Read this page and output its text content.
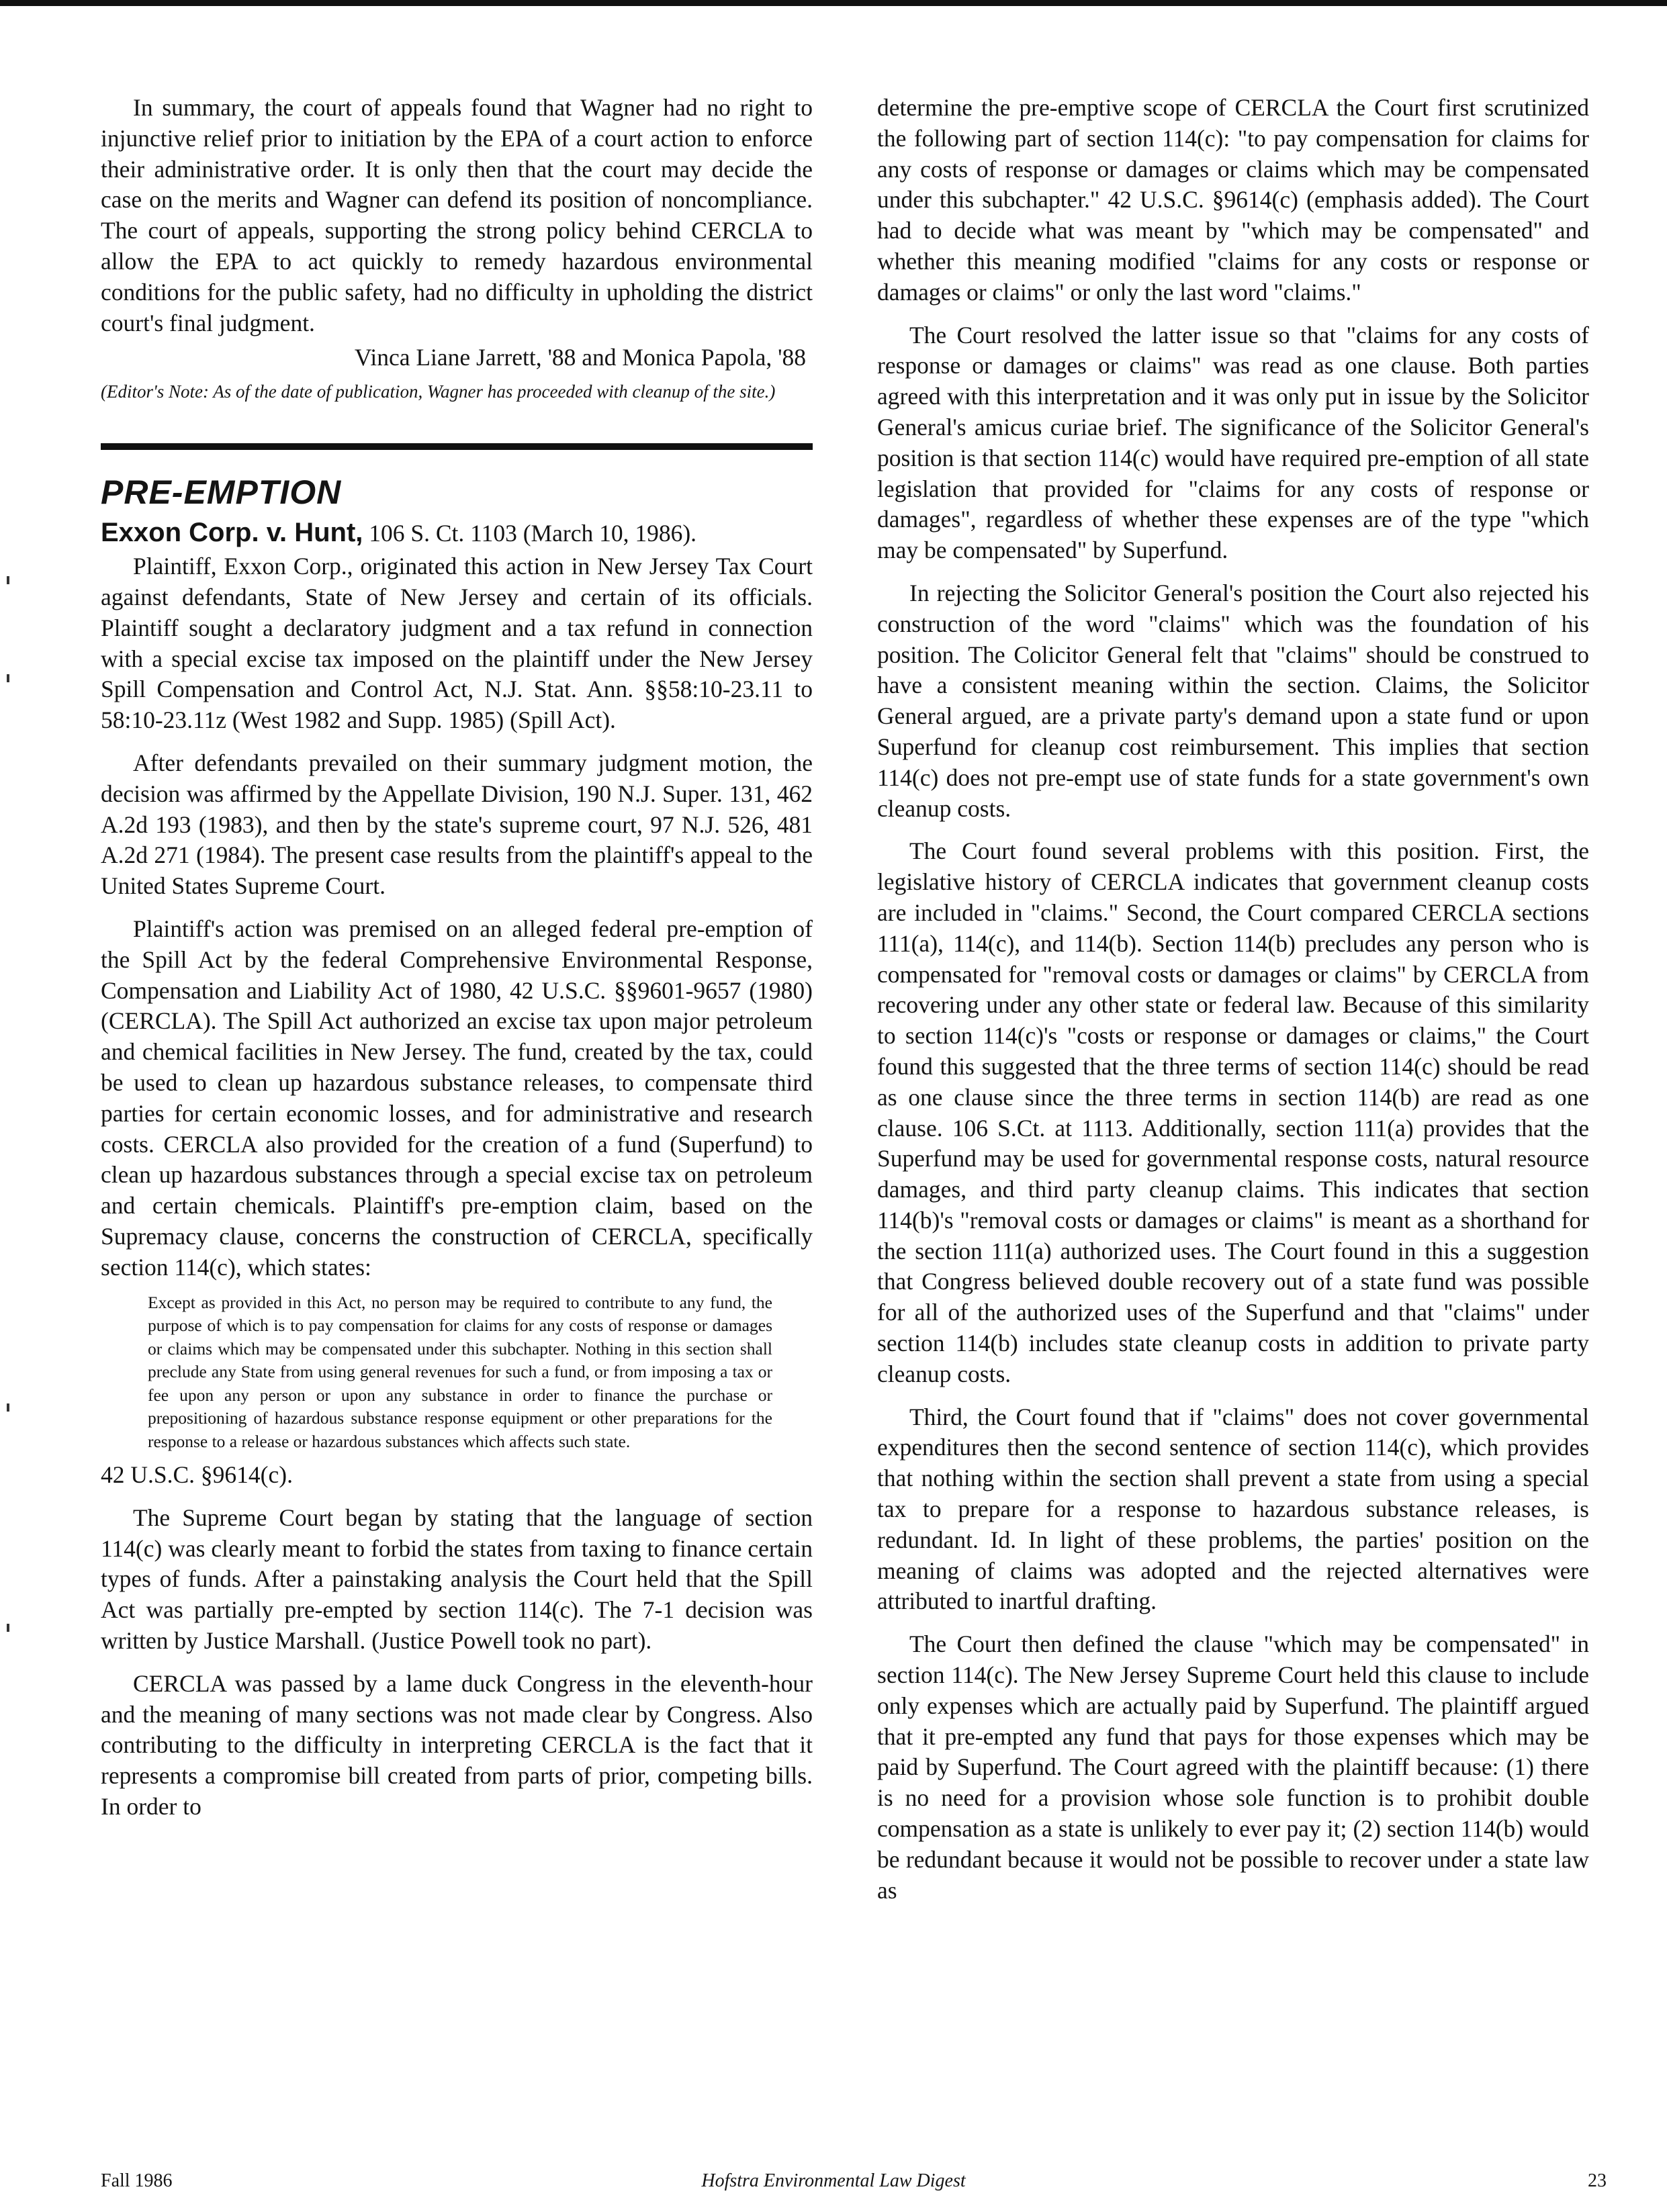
In summary, the court of appeals found that Wagner had no right to injunctive relief prior to initiation by the EPA of a court action to enforce their administrative order. It is only then that the court may decide the case on the merits and Wagner can defend its position of noncompliance. The court of appeals, supporting the strong policy behind CERCLA to allow the EPA to act quickly to remedy hazardous environmental conditions for the public safety, had no difficulty in upholding the district court's final judgment.

Vinca Liane Jarrett, '88 and Monica Papola, '88

(Editor's Note: As of the date of publication, Wagner has proceeded with cleanup of the site.)

PRE-EMPTION
Exxon Corp. v. Hunt, 106 S. Ct. 1103 (March 10, 1986).

Plaintiff, Exxon Corp., originated this action in New Jersey Tax Court against defendants, State of New Jersey and certain of its officials. Plaintiff sought a declaratory judgment and a tax refund in connection with a special excise tax imposed on the plaintiff under the New Jersey Spill Compensation and Control Act, N.J. Stat. Ann. §§58:10-23.11 to 58:10-23.11z (West 1982 and Supp. 1985) (Spill Act).

After defendants prevailed on their summary judgment motion, the decision was affirmed by the Appellate Division, 190 N.J. Super. 131, 462 A.2d 193 (1983), and then by the state's supreme court, 97 N.J. 526, 481 A.2d 271 (1984). The present case results from the plaintiff's appeal to the United States Supreme Court.

Plaintiff's action was premised on an alleged federal pre-emption of the Spill Act by the federal Comprehensive Environmental Response, Compensation and Liability Act of 1980, 42 U.S.C. §§9601-9657 (1980) (CERCLA). The Spill Act authorized an excise tax upon major petroleum and chemical facilities in New Jersey. The fund, created by the tax, could be used to clean up hazardous substance releases, to compensate third parties for certain economic losses, and for administrative and research costs. CERCLA also provided for the creation of a fund (Superfund) to clean up hazardous substances through a special excise tax on petroleum and certain chemicals. Plaintiff's pre-emption claim, based on the Supremacy clause, concerns the construction of CERCLA, specifically section 114(c), which states:

Except as provided in this Act, no person may be required to contribute to any fund, the purpose of which is to pay compensation for claims for any costs of response or damages or claims which may be compensated under this subchapter. Nothing in this section shall preclude any State from using general revenues for such a fund, or from imposing a tax or fee upon any person or upon any substance in order to finance the purchase or prepositioning of hazardous substance response equipment or other preparations for the response to a release or hazardous substances which affects such state.

42 U.S.C. §9614(c).

The Supreme Court began by stating that the language of section 114(c) was clearly meant to forbid the states from taxing to finance certain types of funds. After a painstaking analysis the Court held that the Spill Act was partially pre-empted by section 114(c). The 7-1 decision was written by Justice Marshall. (Justice Powell took no part).

CERCLA was passed by a lame duck Congress in the eleventh-hour and the meaning of many sections was not made clear by Congress. Also contributing to the difficulty in interpreting CERCLA is the fact that it represents a compromise bill created from parts of prior, competing bills. In order to

determine the pre-emptive scope of CERCLA the Court first scrutinized the following part of section 114(c): "to pay compensation for claims for any costs of response or damages or claims which may be compensated under this subchapter." 42 U.S.C. §9614(c) (emphasis added). The Court had to decide what was meant by "which may be compensated" and whether this meaning modified "claims for any costs or response or damages or claims" or only the last word "claims."

The Court resolved the latter issue so that "claims for any costs of response or damages or claims" was read as one clause. Both parties agreed with this interpretation and it was only put in issue by the Solicitor General's amicus curiae brief. The significance of the Solicitor General's position is that section 114(c) would have required pre-emption of all state legislation that provided for "claims for any costs of response or damages", regardless of whether these expenses are of the type "which may be compensated" by Superfund.

In rejecting the Solicitor General's position the Court also rejected his construction of the word "claims" which was the foundation of his position. The Colicitor General felt that "claims" should be construed to have a consistent meaning within the section. Claims, the Solicitor General argued, are a private party's demand upon a state fund or upon Superfund for cleanup cost reimbursement. This implies that section 114(c) does not pre-empt use of state funds for a state government's own cleanup costs.

The Court found several problems with this position. First, the legislative history of CERCLA indicates that government cleanup costs are included in "claims." Second, the Court compared CERCLA sections 111(a), 114(c), and 114(b). Section 114(b) precludes any person who is compensated for "removal costs or damages or claims" by CERCLA from recovering under any other state or federal law. Because of this similarity to section 114(c)'s "costs or response or damages or claims," the Court found this suggested that the three terms of section 114(c) should be read as one clause since the three terms in section 114(b) are read as one clause. 106 S.Ct. at 1113. Additionally, section 111(a) provides that the Superfund may be used for governmental response costs, natural resource damages, and third party cleanup claims. This indicates that section 114(b)'s "removal costs or damages or claims" is meant as a shorthand for the section 111(a) authorized uses. The Court found in this a suggestion that Congress believed double recovery out of a state fund was possible for all of the authorized uses of the Superfund and that "claims" under section 114(b) includes state cleanup costs in addition to private party cleanup costs.

Third, the Court found that if "claims" does not cover governmental expenditures then the second sentence of section 114(c), which provides that nothing within the section shall prevent a state from using a special tax to prepare for a response to hazardous substance releases, is redundant. Id. In light of these problems, the parties' position on the meaning of claims was adopted and the rejected alternatives were attributed to inartful drafting.

The Court then defined the clause "which may be compensated" in section 114(c). The New Jersey Supreme Court held this clause to include only expenses which are actually paid by Superfund. The plaintiff argued that it pre-empted any fund that pays for those expenses which may be paid by Superfund. The Court agreed with the plaintiff because: (1) there is no need for a provision whose sole function is to prohibit double compensation as a state is unlikely to ever pay it; (2) section 114(b) would be redundant because it would not be possible to recover under a state law as

Fall 1986	Hofstra Environmental Law Digest	23
